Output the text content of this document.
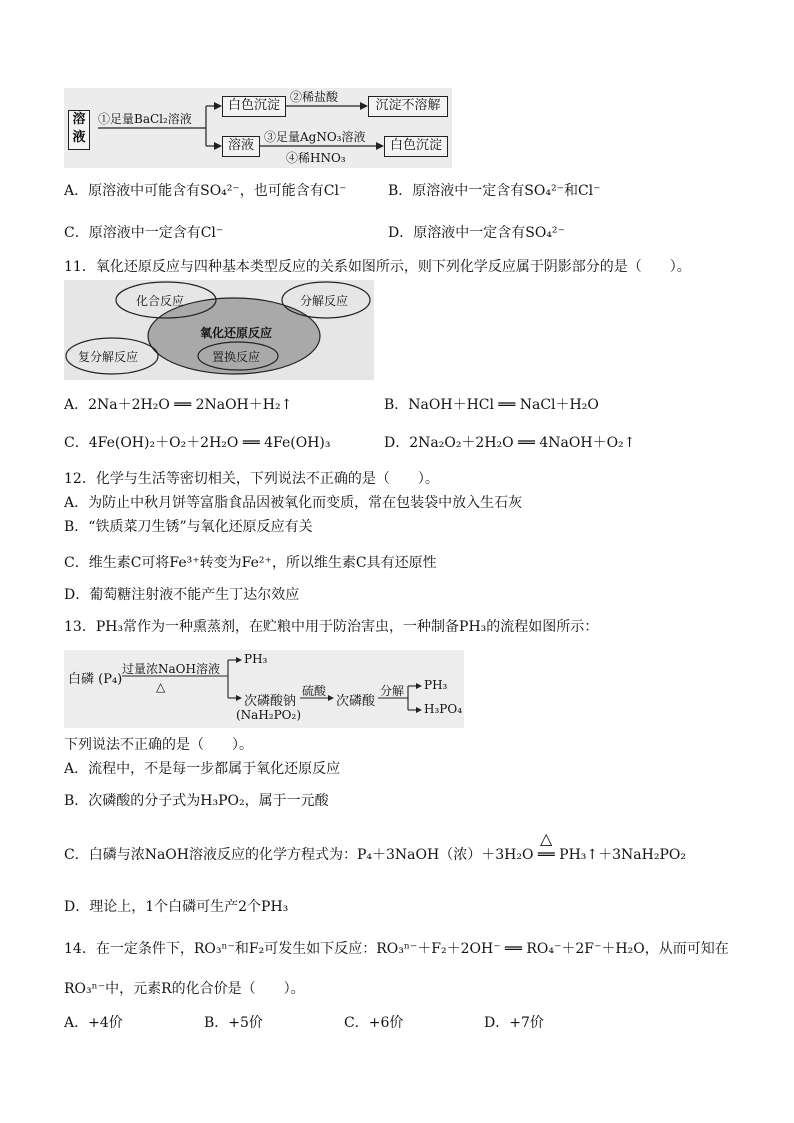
溶液
①足量BaCl₂溶液
白色沉淀
②稀盐酸
沉淀不溶解
溶液
③足量AgNO₃溶液
④稀HNO₃
白色沉淀
A．原溶液中可能含有SO₄²⁻，也可能含有Cl⁻	B．原溶液中一定含有SO₄²⁻和Cl⁻
C．原溶液中一定含有Cl⁻	D．原溶液中一定含有SO₄²⁻
11．氧化还原反应与四种基本类型反应的关系如图所示，则下列化学反应属于阴影部分的是（　　）。
化合反应	分解反应
氧化还原反应
置换反应
复分解反应
A．2Na＋2H₂O ══ 2NaOH＋H₂↑	B．NaOH＋HCl ══ NaCl＋H₂O
C．4Fe(OH)₂＋O₂＋2H₂O ══ 4Fe(OH)₃	D．2Na₂O₂＋2H₂O ══ 4NaOH＋O₂↑
12．化学与生活等密切相关，下列说法不正确的是（　　）。
A．为防止中秋月饼等富脂食品因被氧化而变质，常在包装袋中放入生石灰
B．“铁质菜刀生锈”与氧化还原反应有关
C．维生素C可将Fe³⁺转变为Fe²⁺，所以维生素C具有还原性
D．葡萄糖注射液不能产生丁达尔效应
13．PH₃常作为一种熏蒸剂，在贮粮中用于防治害虫，一种制备PH₃的流程如图所示：
白磷 (P₄)
过量浓NaOH溶液
△
PH₃
次磷酸钠
(NaH₂PO₂)
硫酸
次磷酸
分解 PH₃
H₃PO₄
下列说法不正确的是（　　）。
A．流程中，不是每一步都属于氧化还原反应
B．次磷酸的分子式为H₃PO₂，属于一元酸
△
C．白磷与浓NaOH溶液反应的化学方程式为：P₄＋3NaOH（浓）＋3H₂O ══ PH₃↑＋3NaH₂PO₂
D．理论上，1个白磷可生产2个PH₃
14．在一定条件下，RO₃ⁿ⁻和F₂可发生如下反应：RO₃ⁿ⁻＋F₂＋2OH⁻ ══ RO₄⁻＋2F⁻＋H₂O，从而可知在
RO₃ⁿ⁻中，元素R的化合价是（　　）。
A．+4价	B．+5价	C．+6价	D．+7价
